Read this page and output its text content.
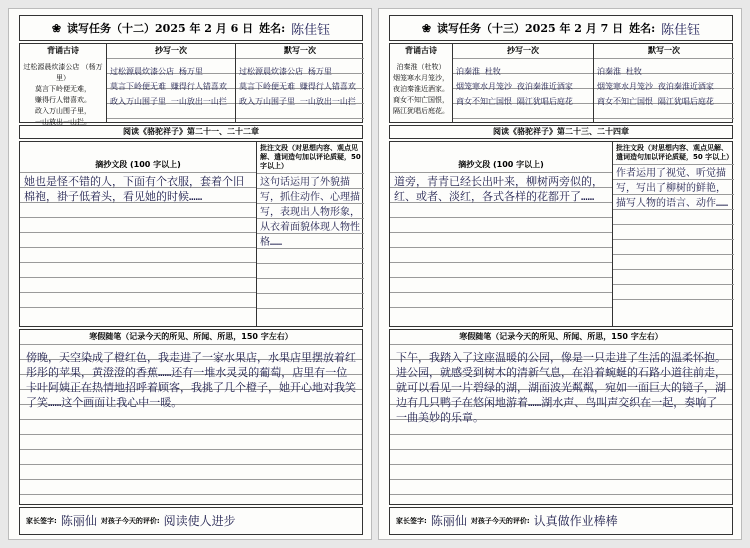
❀ 读写任务（十二）2025 年 2 月 6 日 姓名: 陈佳钰
背诵古诗
过松源晨炊漆公店 （杨万里）
莫言下岭便无难，
赚得行人错喜欢。
政入万山围子里，
一山放出一山拦。
抄写一次
过松源晨炊漆公店 杨万里
莫言下岭便无难 赚得行人错喜欢
政入万山围子里 一山放出一山拦
默写一次
过松源晨炊漆公店 杨万里
莫言下岭便无难 赚得行人错喜欢
政入万山围子里 一山放出一山拦
阅读《骆驼祥子》第二十一、二十二章
摘抄文段 (100 字以上)
她也是怪不错的人，下面有个衣服，套着个旧棉袍，褂子低着头，看见她的时候……
批注文段（对思想内容、观点见解、遣词造句加以评论质疑，50 字以上）
这句话运用了外貌描写，抓住动作、心理描写，表现出人物形象，从衣着面貌体现人物性格……
寒假随笔（记录今天的所见、所闻、所思，150 字左右）
傍晚，天空染成了橙红色，我走进了一家水果店，水果店里摆放着红彤彤的苹果，黄澄澄的香蕉……还有一堆水灵灵的葡萄，店里有一位卡叶阿姨正在热情地招呼着顾客，我挑了几个橙子，她开心地对我笑了笑……这个画面让我心中一暖。
家长签字: 陈丽仙 对孩子今天的评价: 阅读使人进步
❀ 读写任务（十三）2025 年 2 月 7 日 姓名: 陈佳钰
背诵古诗
泊秦淮（杜牧）
烟笼寒水月笼沙，
夜泊秦淮近酒家。
商女不知亡国恨，
隔江犹唱后庭花。
抄写一次
泊秦淮 杜牧
烟笼寒水月笼沙 夜泊秦淮近酒家
商女不知亡国恨 隔江犹唱后庭花
默写一次
泊秦淮 杜牧
烟笼寒水月笼沙 夜泊秦淮近酒家
商女不知亡国恨 隔江犹唱后庭花
阅读《骆驼祥子》第二十三、二十四章
摘抄文段 (100 字以上)
道旁，青青已经长出叶来，柳树两旁似的，红、或者、淡红，各式各样的花都开了……
批注文段（对思想内容、观点见解、遣词造句加以评论质疑，50 字以上）
作者运用了视觉、听觉描写，写出了柳树的鲜艳，描写人物的语言、动作……
寒假随笔（记录今天的所见、所闻、所思，150 字左右）
下午，我踏入了这座温暖的公园，像是一只走进了生活的温柔怀抱。进公园，就感受到树木的清新气息，在沿着蜿蜒的石路小道往前走，就可以看见一片碧绿的湖，湖面波光粼粼，宛如一面巨大的镜子，湖边有几只鸭子在悠闲地游着……湖水声、鸟叫声交织在一起，奏响了一曲美妙的乐章。
家长签字: 陈丽仙 对孩子今天的评价: 认真做作业棒棒
